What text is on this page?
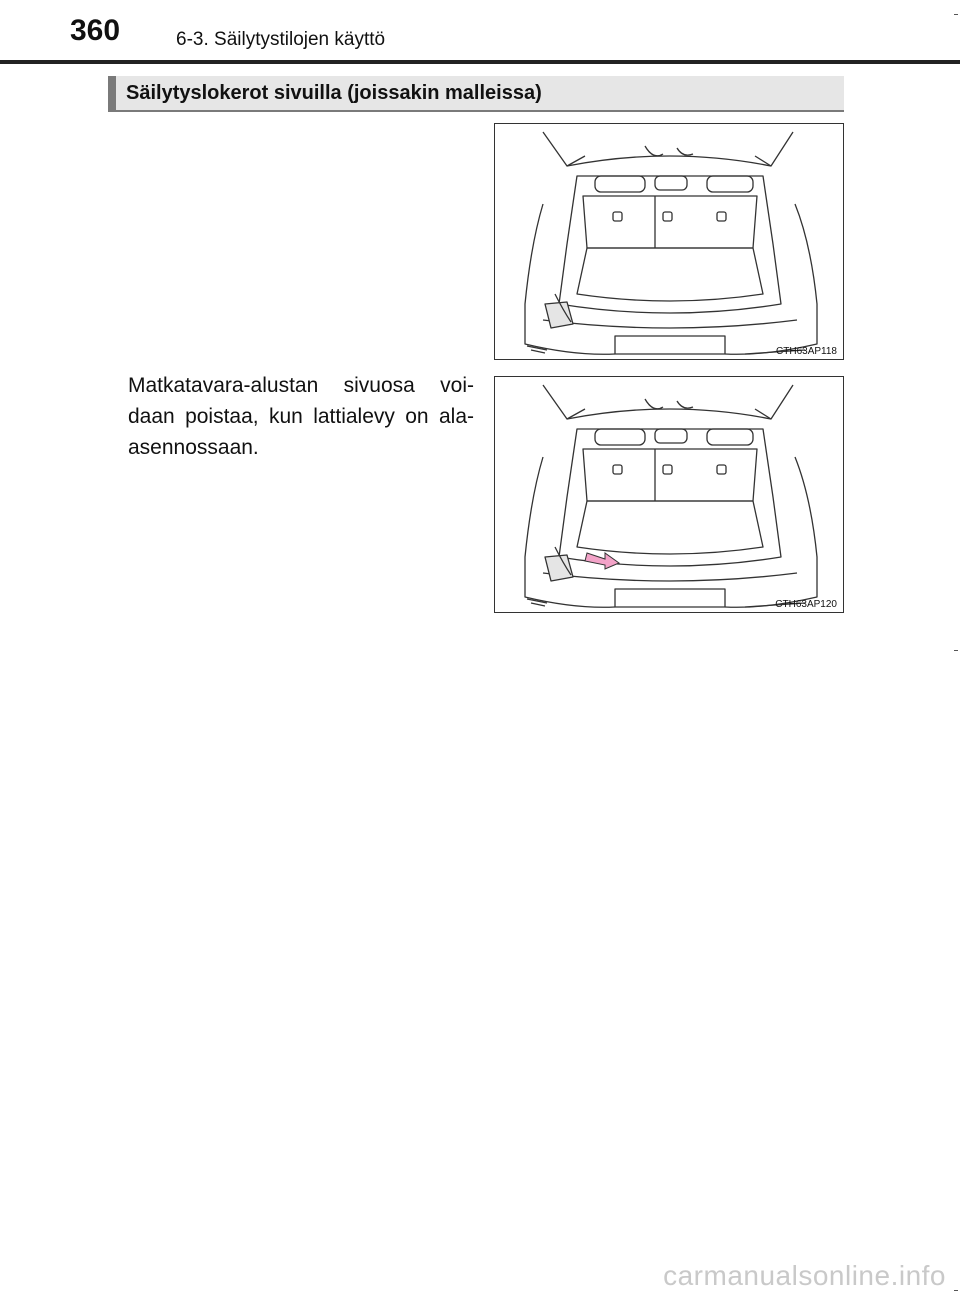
360	6-3. Säilytystilojen käyttö
Säilytyslokerot sivuilla (joissakin malleissa)
Matkatavara-alustan sivuosa voi-daan poistaa, kun lattialevy on ala-asennossaan.
CTH63AP118
CTH63AP120
carmanualsonline.info
